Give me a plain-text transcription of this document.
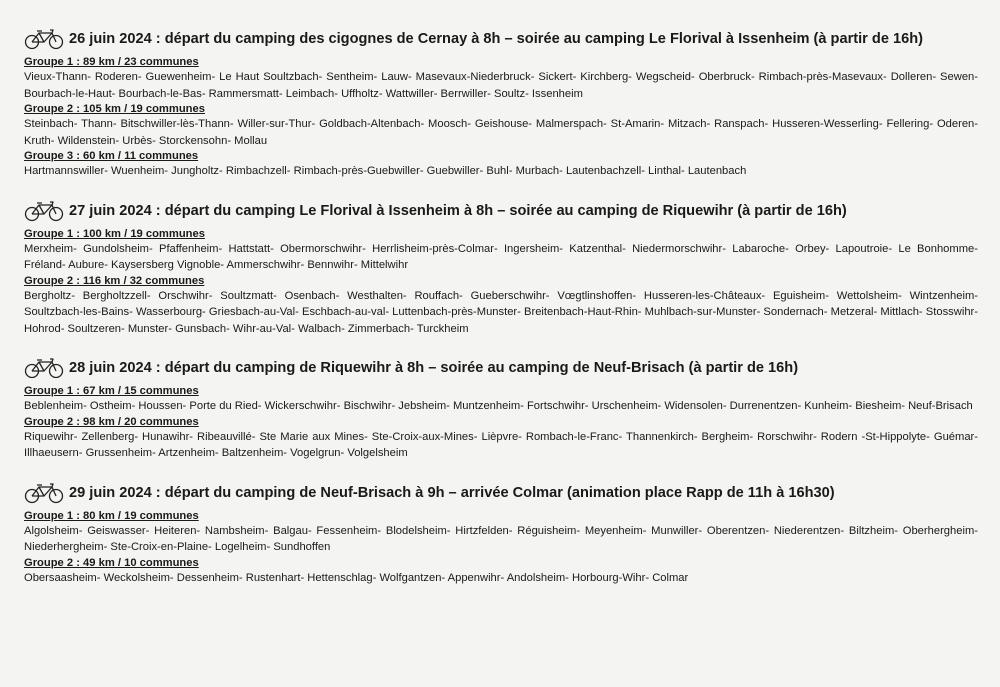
26 juin 2024 : départ du camping des cigognes de Cernay à 8h – soirée au camping Le Florival à Issenheim (à partir de 16h)
Groupe 1 : 89 km / 23 communes

Vieux-Thann- Roderen- Guewenheim- Le Haut Soultzbach- Sentheim- Lauw- Masevaux-Niederbruck- Sickert- Kirchberg- Wegscheid- Oberbruck- Rimbach-près-Masevaux- Dolleren- Sewen- Bourbach-le-Haut- Bourbach-le-Bas- Rammersmatt- Leimbach- Uffholtz- Wattwiller- Berrwiller- Soultz- Issenheim

Groupe 2 : 105 km / 19 communes

Steinbach- Thann- Bitschwiller-lès-Thann- Willer-sur-Thur- Goldbach-Altenbach- Moosch- Geishouse- Malmerspach- St-Amarin- Mitzach- Ranspach- Husseren-Wesserling- Fellering- Oderen- Kruth- Wildenstein- Urbès- Storckensohn- Mollau

Groupe 3 : 60 km / 11 communes

Hartmannswiller- Wuenheim- Jungholtz- Rimbachzell- Rimbach-près-Guebwiller- Guebwiller- Buhl- Murbach- Lautenbachzell- Linthal- Lautenbach

27 juin 2024 : départ du camping Le Florival à Issenheim à 8h – soirée au camping de Riquewihr (à partir de 16h)
Groupe 1 : 100 km / 19 communes

Merxheim- Gundolsheim- Pfaffenheim- Hattstatt- Obermorschwihr- Herrlisheim-près-Colmar- Ingersheim- Katzenthal- Niedermorschwihr- Labaroche- Orbey- Lapoutroie- Le Bonhomme- Fréland- Aubure- Kaysersberg Vignoble- Ammerschwihr- Bennwihr- Mittelwihr

Groupe 2 : 116 km / 32 communes

Bergholtz- Bergholtzzell- Orschwihr- Soultzmatt- Osenbach- Westhalten- Rouffach- Gueberschwihr- Vœgtlinshoffen- Husseren-les-Châteaux- Eguisheim- Wettolsheim- Wintzenheim- Soultzbach-les-Bains- Wasserbourg- Griesbach-au-Val- Eschbach-au-val- Luttenbach-près-Munster- Breitenbach-Haut-Rhin- Muhlbach-sur-Munster- Sondernach- Metzeral- Mittlach- Stosswihr- Hohrod- Soultzeren- Munster- Gunsbach- Wihr-au-Val- Walbach- Zimmerbach- Turckheim

28 juin 2024 : départ du camping de Riquewihr à 8h – soirée au camping de Neuf-Brisach (à partir de 16h)
Groupe 1 : 67 km / 15 communes

Beblenheim- Ostheim- Houssen- Porte du Ried- Wickerschwihr- Bischwihr- Jebsheim- Muntzenheim- Fortschwihr- Urschenheim- Widensolen- Durrenentzen- Kunheim- Biesheim- Neuf-Brisach

Groupe 2 : 98 km / 20 communes

Riquewihr- Zellenberg- Hunawihr- Ribeauvillé- Ste Marie aux Mines- Ste-Croix-aux-Mines- Lièpvre- Rombach-le-Franc- Thannenkirch- Bergheim- Rorschwihr- Rodern -St-Hippolyte- Guémar- Illhaeusern- Grussenheim- Artzenheim- Baltzenheim- Vogelgrun- Volgelsheim

29 juin 2024 : départ du camping de Neuf-Brisach à 9h – arrivée Colmar (animation place Rapp de 11h à 16h30)
Groupe 1 : 80 km / 19 communes

Algolsheim- Geiswasser- Heiteren- Nambsheim- Balgau- Fessenheim- Blodelsheim- Hirtzfelden- Réguisheim- Meyenheim- Munwiller- Oberentzen- Niederentzen- Biltzheim- Oberhergheim- Niederhergheim- Ste-Croix-en-Plaine- Logelheim- Sundhoffen

Groupe 2 : 49 km / 10 communes

Obersaasheim- Weckolsheim- Dessenheim- Rustenhart- Hettenschlag- Wolfgantzen- Appenwihr- Andolsheim- Horbourg-Wihr- Colmar
